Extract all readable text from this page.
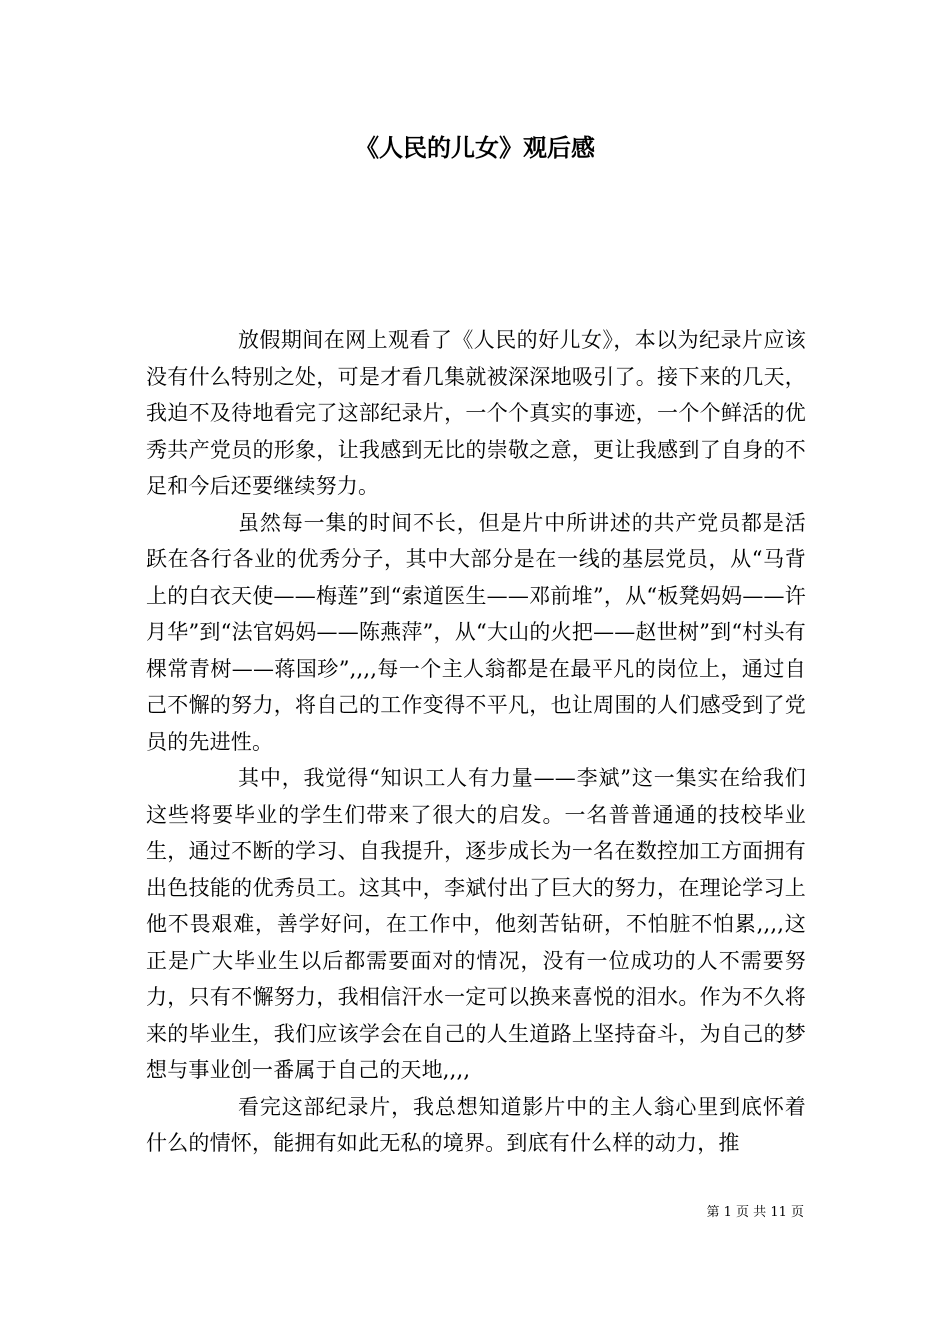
《人民的儿女》观后感

放假期间在网上观看了《人民的好儿女》，本以为纪录片应该没有什么特别之处，可是才看几集就被深深地吸引了。接下来的几天，我迫不及待地看完了这部纪录片，一个个真实的事迹，一个个鲜活的优秀共产党员的形象，让我感到无比的崇敬之意，更让我感到了自身的不足和今后还要继续努力。

虽然每一集的时间不长，但是片中所讲述的共产党员都是活跃在各行各业的优秀分子，其中大部分是在一线的基层党员，从“马背上的白衣天使——梅莲”到“索道医生——邓前堆”，从“板凳妈妈——许月华”到“法官妈妈——陈燕萍”，从“大山的火把——赵世树”到“村头有棵常青树——蒋国珍”,,,,每一个主人翁都是在最平凡的岗位上，通过自己不懈的努力，将自己的工作变得不平凡，也让周围的人们感受到了党员的先进性。

其中，我觉得“知识工人有力量——李斌”这一集实在给我们这些将要毕业的学生们带来了很大的启发。一名普普通通的技校毕业生，通过不断的学习、自我提升，逐步成长为一名在数控加工方面拥有出色技能的优秀员工。这其中，李斌付出了巨大的努力，在理论学习上他不畏艰难，善学好问，在工作中，他刻苦钻研，不怕脏不怕累,,,,这正是广大毕业生以后都需要面对的情况，没有一位成功的人不需要努力，只有不懈努力，我相信汗水一定可以换来喜悦的泪水。作为不久将来的毕业生，我们应该学会在自己的人生道路上坚持奋斗，为自己的梦想与事业创一番属于自己的天地,,,,

看完这部纪录片，我总想知道影片中的主人翁心里到底怀着什么的情怀，能拥有如此无私的境界。到底有什么样的动力，推

第 1 页 共 11 页
